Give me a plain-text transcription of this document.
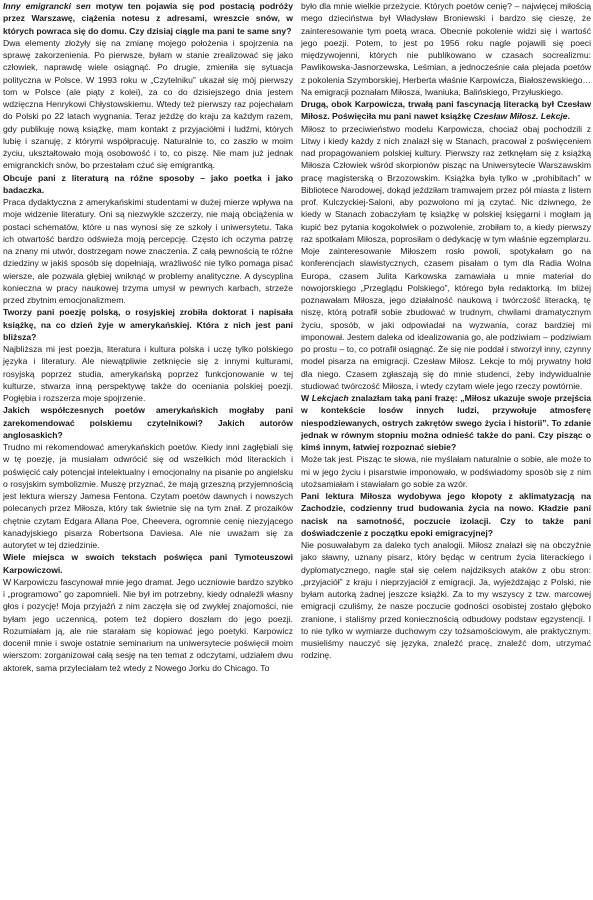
Inny emigrancki sen motyw ten pojawia się pod postacią podróży przez Warszawę, ciążenia notesu z adresami, wreszcie snów, w których powraca się do domu. Czy dzisiaj ciągle ma pani te same sny?

Dwa elementy złożyły się na zmianę mojego położenia i spojrzenia na sprawę zakorzenienia. Po pierwsze, byłam w stanie zrealizować się jako człowiek, naprawdę wiele osiągnąć. Po drugie, zmieniła się sytuacja polityczna w Polsce. W 1993 roku w „Czytelniku” ukazał się mój pierwszy tom w Polsce (ale piąty z kolei), za co do dzisiejszego dnia jestem wdzięczna Henrykowi Chłystowskiemu. Wtedy też pierwszy raz pojechałam do Polski po 22 latach wygnania. Teraz jeżdżę do kraju za każdym razem, gdy publikuję nową książkę, mam kontakt z przyjaciółmi i ludźmi, których lubię i szanuję, z którymi współpracuję. Naturalnie to, co zaszło w moim życiu, ukształtowało moją osobowość i to, co piszę. Nie mam już jednak emigranckich snów, bo przestałam czuć się emigrantką.

Obcuje pani z literaturą na różne sposoby – jako poetka i jako badaczka.

Praca dydaktyczna z amerykańskimi studentami w dużej mierze wpływa na moje widzenie literatury. Oni są niezwykle szczerzy, nie mają obciążenia w postaci schematów, które u nas wynosi się ze szkoły i uniwersytetu. Taka ich otwartość bardzo odświeża moją percepcję. Często ich oczyma patrzę na znany mi utwór, dostrzegam nowe znaczenia. Z całą pewnością te różne dziedziny w jakiś sposób się dopełniają, wrażliwość nie tylko pomaga pisać wiersze, ale pozwala głębiej wniknąć w problemy analityczne. A dyscyplina konieczna w pracy naukowej trzyma umysł w pewnych karbach, strzeże przed zbytnim emocjonalizmem.

Tworzy pani poezję polską, o rosyjskiej zrobiła doktorat i napisała książkę, na co dzień żyje w amerykańskiej. Która z nich jest pani bliższa?

Najbliższa mi jest poezja, literatura i kultura polska i uczę tylko polskiego języka i literatury. Ale niewątpliwie zetknięcie się z innymi kulturami, rosyjską poprzez studia, amerykańską poprzez funkcjonowanie w tej kulturze, stwarza inną perspektywę także do oceniania polskiej poezji. Pogłębia i rozszerza moje spojrzenie.

Jakich współczesnych poetów amerykańskich mogłaby pani zarekomendować polskiemu czytelnikowi? Jakich autorów anglosaskich?

Trudno mi rekomendować amerykańskich poetów. Kiedy inni zagłębiali się w tę poezję, ja musiałam odwrócić się od wszelkich mód literackich i poświęcić cały potencjał intelektualny i emocjonalny na pisanie po angielsku o rosyjskim symbolizmie. Muszę przyznać, że mają grzeszną przyjemnością jest lektura wierszy Jamesa Fentona. Czytam poetów dawnych i nowszych polecanych przez Miłosza, który tak świetnie się na tym znał. Z prozaików chętnie czytam Edgara Allana Poe, Cheevera, ogromnie cenię niezyjącego kanadyjskiego pisarza Robertsona Daviesa. Ale nie uważam się za autorytet w tej dziedzinie.

Wiele miejsca w swoich tekstach poświęca pani Tymoteuszowi Karpowiczowi.

W Karpowiczu fascynował mnie jego dramat. Jego uczniowie bardzo szybko i „programowo” go zapomnieli. Nie był im potrzebny, kiedy odnaleźli własny głos i pozycję! Moja przyjaźń z nim zaczęła się od zwykłej znajomości, nie byłam jego uczennicą, potem też dopiero doszłam do jego poezji. Rozumiałam ją, ale nie starałam się kopiować jego poetyki. Karpowicz docenił mnie i swoje ostatnie seminarium na uniwersytecie poświęcił moim wierszom: zorganizował całą sesję na ten temat z odczytami, udziałem dwu aktorek, sama przyleciałam też wtedy z Nowego Jorku do Chicago. To

było dla mnie wielkie przeżycie. Których poetów cenię? – najwięcej miłością mego dzieciństwa był Władysław Broniewski i bardzo się cieszę, że zainteresowanie tym poetą wraca. Obecnie pokolenie widzi się i wartość jego poezji. Potem, to jest po 1956 roku nagle pojawili się poeci międzywojenni, których nie publikowano w czasach socrealizmu: Pawlikowska-Jasnorzewska, Leśmian, a jednocześnie cała plejada poetów z pokolenia Szymborskiej, Herberta właśnie Karpowicza, Białoszewskiego… Na emigracji poznałam Miłosza, Iwaniuka, Balińskiego, Przyłuskiego.

Drugą, obok Karpowicza, trwałą pani fascynacją literacką był Czesław Miłosz. Poświęciła mu pani nawet książkę Czesław Miłosz. Lekcje.

Miłosz to przeciwieństwo modelu Karpowicza, chociaż obaj pochodzili z Litwy i kiedy każdy z nich znalazł się w Stanach, pracował z poświęceniem nad propagowaniem polskiej kultury. Pierwszy raz zetknęłam się z książką Miłosza Człowiek wśród skorpionów pisząc na Uniwersytecie Warszawskim pracę magisterską o Brzozowskim. Książka była tylko w „prohibitach” w Bibliotece Narodowej, dokąd jeździłam tramwajem przez pół miasta z listem prof. Kulczyckiej-Saloni, aby pozwolono mi ją czytać. Nic dziwnego, że kiedy w Stanach zobaczyłam tę książkę w polskiej księgarni i mogłam ją kupić bez pytania kogokolwiek o pozwolenie, zrobiłam to, a kiedy pierwszy raz spotkałam Miłosza, poprosiłam o dedykację w tym właśnie egzemplarzu. Moje zainteresowanie Miłoszem rosło powoli, spotykałam go na konferencjach slawistycznych, czasem pisałam o tym dla Radia Wolna Europa, czasem Julita Karkowska zamawiała u mnie materiał do nowojorskiego „Przeglądu Polskiego”, którego była redaktorką. Im bliżej poznawałam Miłosza, jego działalność naukową i twórczość literacką, tę niszę, którą potrafił sobie zbudować w trudnym, chwilami dramatycznym życiu, sposób, w jaki odpowiadał na wyzwania, coraz bardziej mi imponował. Jestem daleka od idealizowania go, ale podziwiam – podziwiam po prostu – to, co potrafił osiągnąć. Że się nie poddał i stworzył inny, czynny model pisarza na emigracji. Czesław Miłosz. Lekcje to mój prywatny hołd dla niego. Czasem zgłaszają się do mnie studenci, żeby indywidualnie studiować twórczość Miłosza, i wtedy czytam wiele jego rzeczy powtórnie.

W Lekcjach znalazłam taką pani frazę: „Miłosz ukazuje swoje przejścia w kontekście losów innych ludzi, przywołuje atmosferę niespodziewanych, ostrych zakrętów swego życia i historii”. To zdanie jednak w równym stopniu można odnieść także do pani. Czy pisząc o kimś innym, łatwiej rozpoznać siebie?

Może tak jest. Pisząc te słowa, nie myślałam naturalnie o sobie, ale może to mi w jego życiu i pisarstwie imponowało, w podświadomy sposób się z nim utożsamiałam i stawiałam go sobie za wzór.

Pani lektura Miłosza wydobywa jego kłopoty z aklimatyzacją na Zachodzie, codzienny trud budowania życia na nowo. Kładzie pani nacisk na samotność, poczucie izolacji. Czy to także pani doświadczenie z początku epoki emigracyjnej?

Nie posuwałabym za daleko tych analogii. Miłosz znalazł się na obczyźnie jako sławny, uznany pisarz, który będąc w centrum życia literackiego i dyplomatycznego, nagle stał się celem najdziksych ataków z obu stron: „przyjaciół” z kraju i nieprzyjaciół z emigracji. Ja, wyjeżdżając z Polski, nie byłam autorką żadnej jeszcze książki. Za to my wszyscy z tzw. marcowej emigracji czuliśmy, że nasze poczucie godności osobistej zostało głęboko zranione, i staliśmy przed koniecznością odbudowy podstaw egzystencji. I to nie tylko w wymiarze duchowym czy tożsamościowym, ale praktycznym: musieliśmy nauczyć się języka, znaleźć pracę, znaleźć dom, utrzymać rodzinę.
